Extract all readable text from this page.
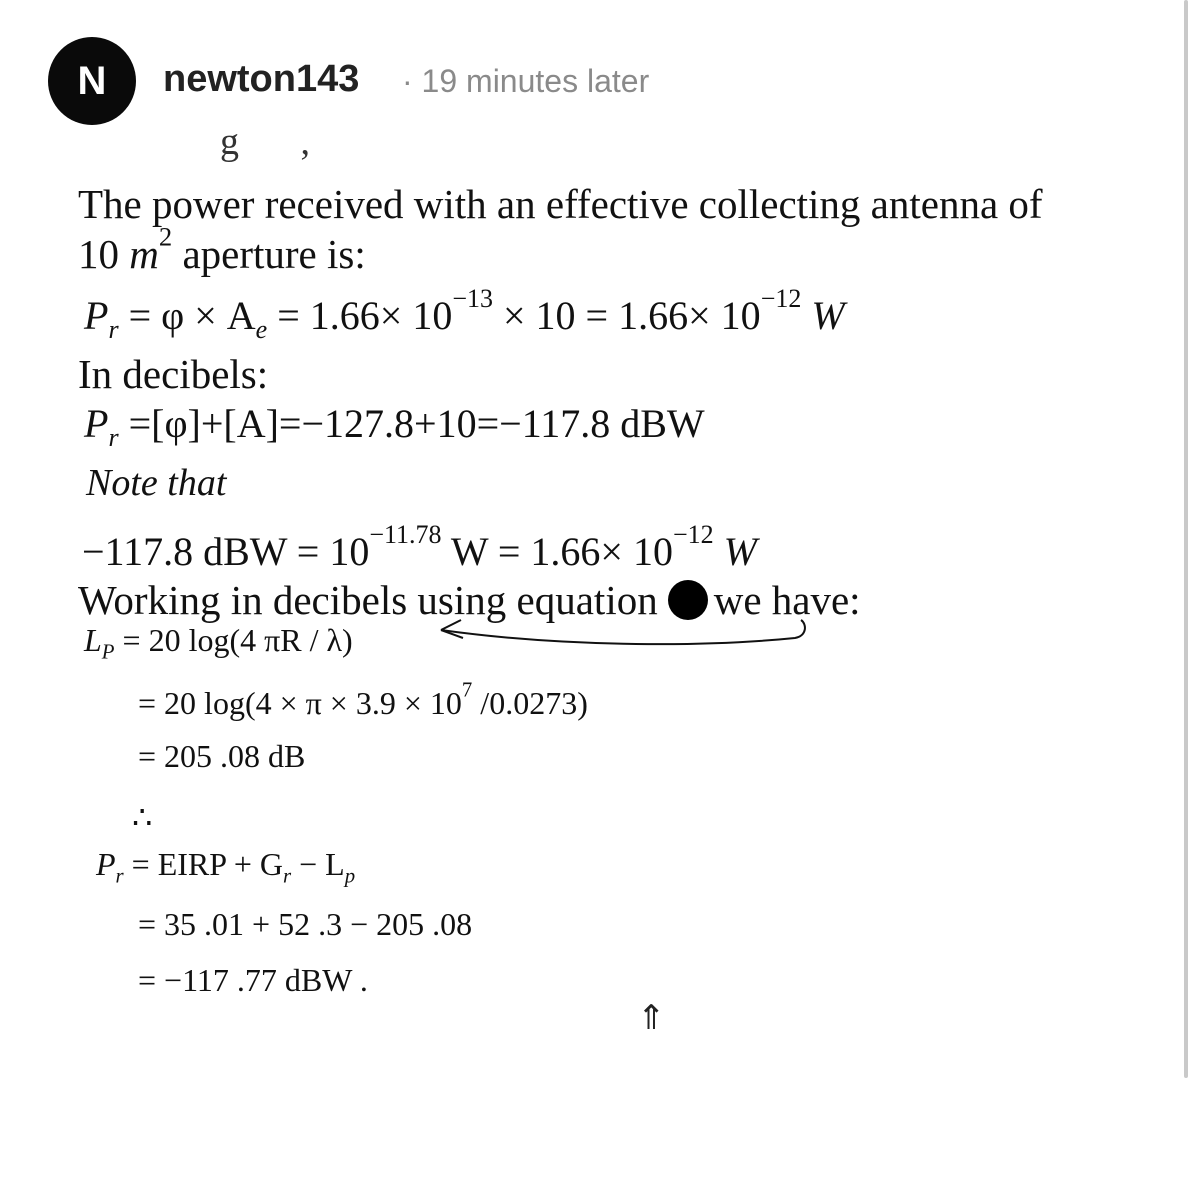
N newton143 · 19 minutes later
g ,
The power received with an effective collecting antenna of
10 $m^2$ aperture is:
$P_r = \varphi \times A_e = 1.66\times 10^{-13} \times 10 = 1.66\times 10^{-12}$ W
In decibels:
$P_r =[\varphi]+[A]=-127.8+10=-117.8$ dBW
Note that
−117.8 dBW = $10^{-11.78}$ $W = 1.66\times 10^{-12}$ W
Working in decibels using equation we have:
$L_P = 20$ log(4 πR / λ)
= 20 $\log(4 \times \pi \times 3.9 \times 10^7$ /0.0273)
= 205 .08 dB
∴
$P_r$ = EIRP + $G_r - L_p$
= 35 .01 + 52 .3 − 205 .08
= −117 .77 dBW .
⇑
